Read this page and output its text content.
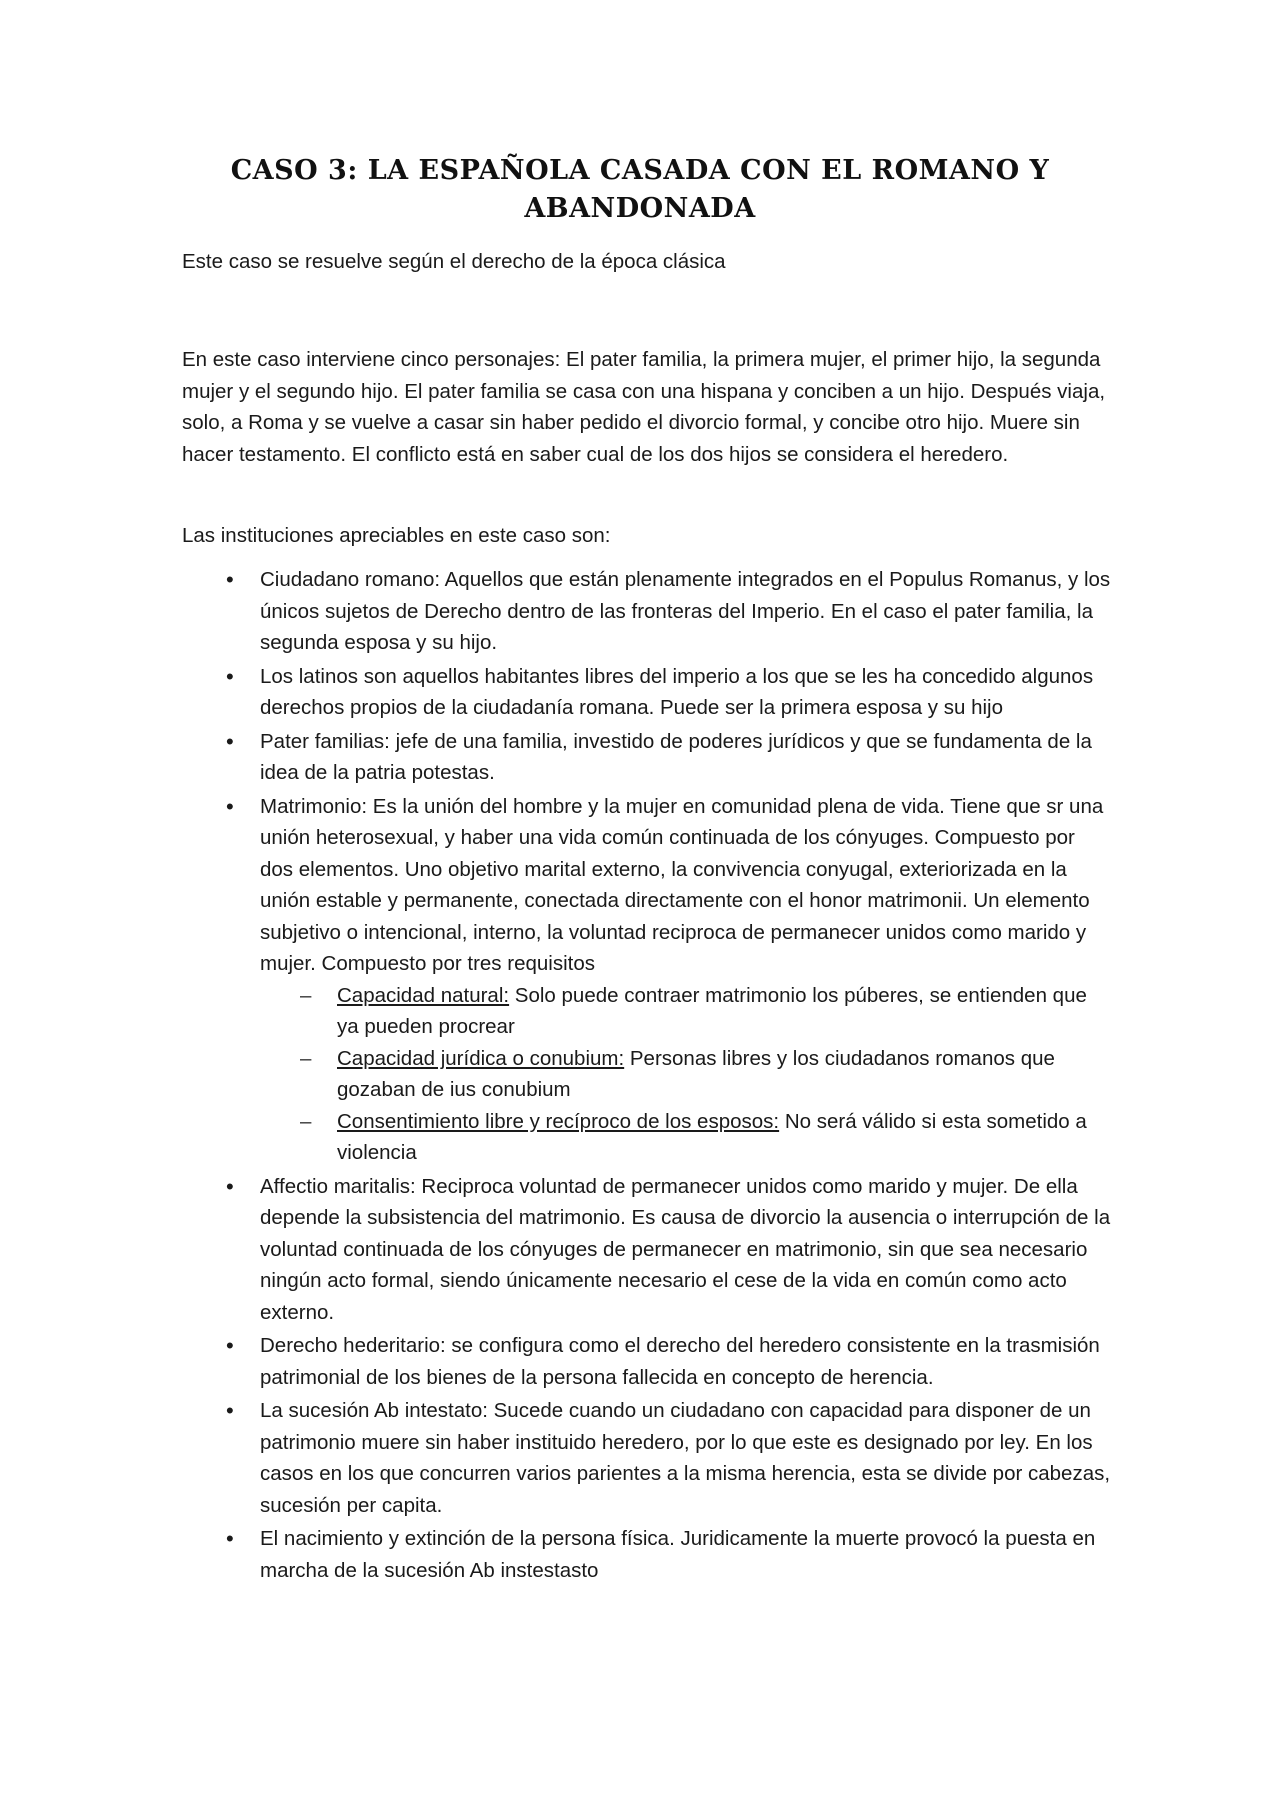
CASO 3: LA ESPAÑOLA CASADA CON EL ROMANO Y
ABANDONADA

Este caso se resuelve según el derecho de la época clásica

En este caso interviene cinco personajes: El pater familia, la primera mujer, el primer hijo, la segunda mujer y el segundo hijo. El pater familia se casa con una hispana y conciben a un hijo. Después viaja, solo, a Roma y se vuelve a casar sin haber pedido el divorcio formal, y concibe otro hijo. Muere sin hacer testamento. El conflicto está en saber cual de los dos hijos se considera el heredero.

Las instituciones apreciables en este caso son:

• Ciudadano romano: Aquellos que están plenamente integrados en el Populus Romanus, y los únicos sujetos de Derecho dentro de las fronteras del Imperio. En el caso el pater familia, la segunda esposa y su hijo.
• Los latinos son aquellos habitantes libres del imperio a los que se les ha concedido algunos derechos propios de la ciudadanía romana. Puede ser la primera esposa y su hijo
• Pater familias: jefe de una familia, investido de poderes jurídicos y que se fundamenta de la idea de la patria potestas.
• Matrimonio: Es la unión del hombre y la mujer en comunidad plena de vida. Tiene que sr una unión heterosexual, y haber una vida común continuada de los cónyuges. Compuesto por dos elementos. Uno objetivo marital externo, la convivencia conyugal, exteriorizada en la unión estable y permanente, conectada directamente con el honor matrimonii. Un elemento subjetivo o intencional, interno, la voluntad reciproca de permanecer unidos como marido y mujer. Compuesto por tres requisitos
– Capacidad natural: Solo puede contraer matrimonio los púberes, se entienden que ya pueden procrear
– Capacidad jurídica o conubium: Personas libres y los ciudadanos romanos que gozaban de ius conubium
– Consentimiento libre y recíproco de los esposos: No será válido si esta sometido a violencia
• Affectio maritalis: Reciproca voluntad de permanecer unidos como marido y mujer. De ella depende la subsistencia del matrimonio. Es causa de divorcio la ausencia o interrupción de la voluntad continuada de los cónyuges de permanecer en matrimonio, sin que sea necesario ningún acto formal, siendo únicamente necesario el cese de la vida en común como acto externo.
• Derecho hederitario: se configura como el derecho del heredero consistente en la trasmisión patrimonial de los bienes de la persona fallecida en concepto de herencia.
• La sucesión Ab intestato: Sucede cuando un ciudadano con capacidad para disponer de un patrimonio muere sin haber instituido heredero, por lo que este es designado por ley. En los casos en los que concurren varios parientes a la misma herencia, esta se divide por cabezas, sucesión per capita.
• El nacimiento y extinción de la persona física. Juridicamente la muerte provocó la puesta en marcha de la sucesión Ab instestasto
